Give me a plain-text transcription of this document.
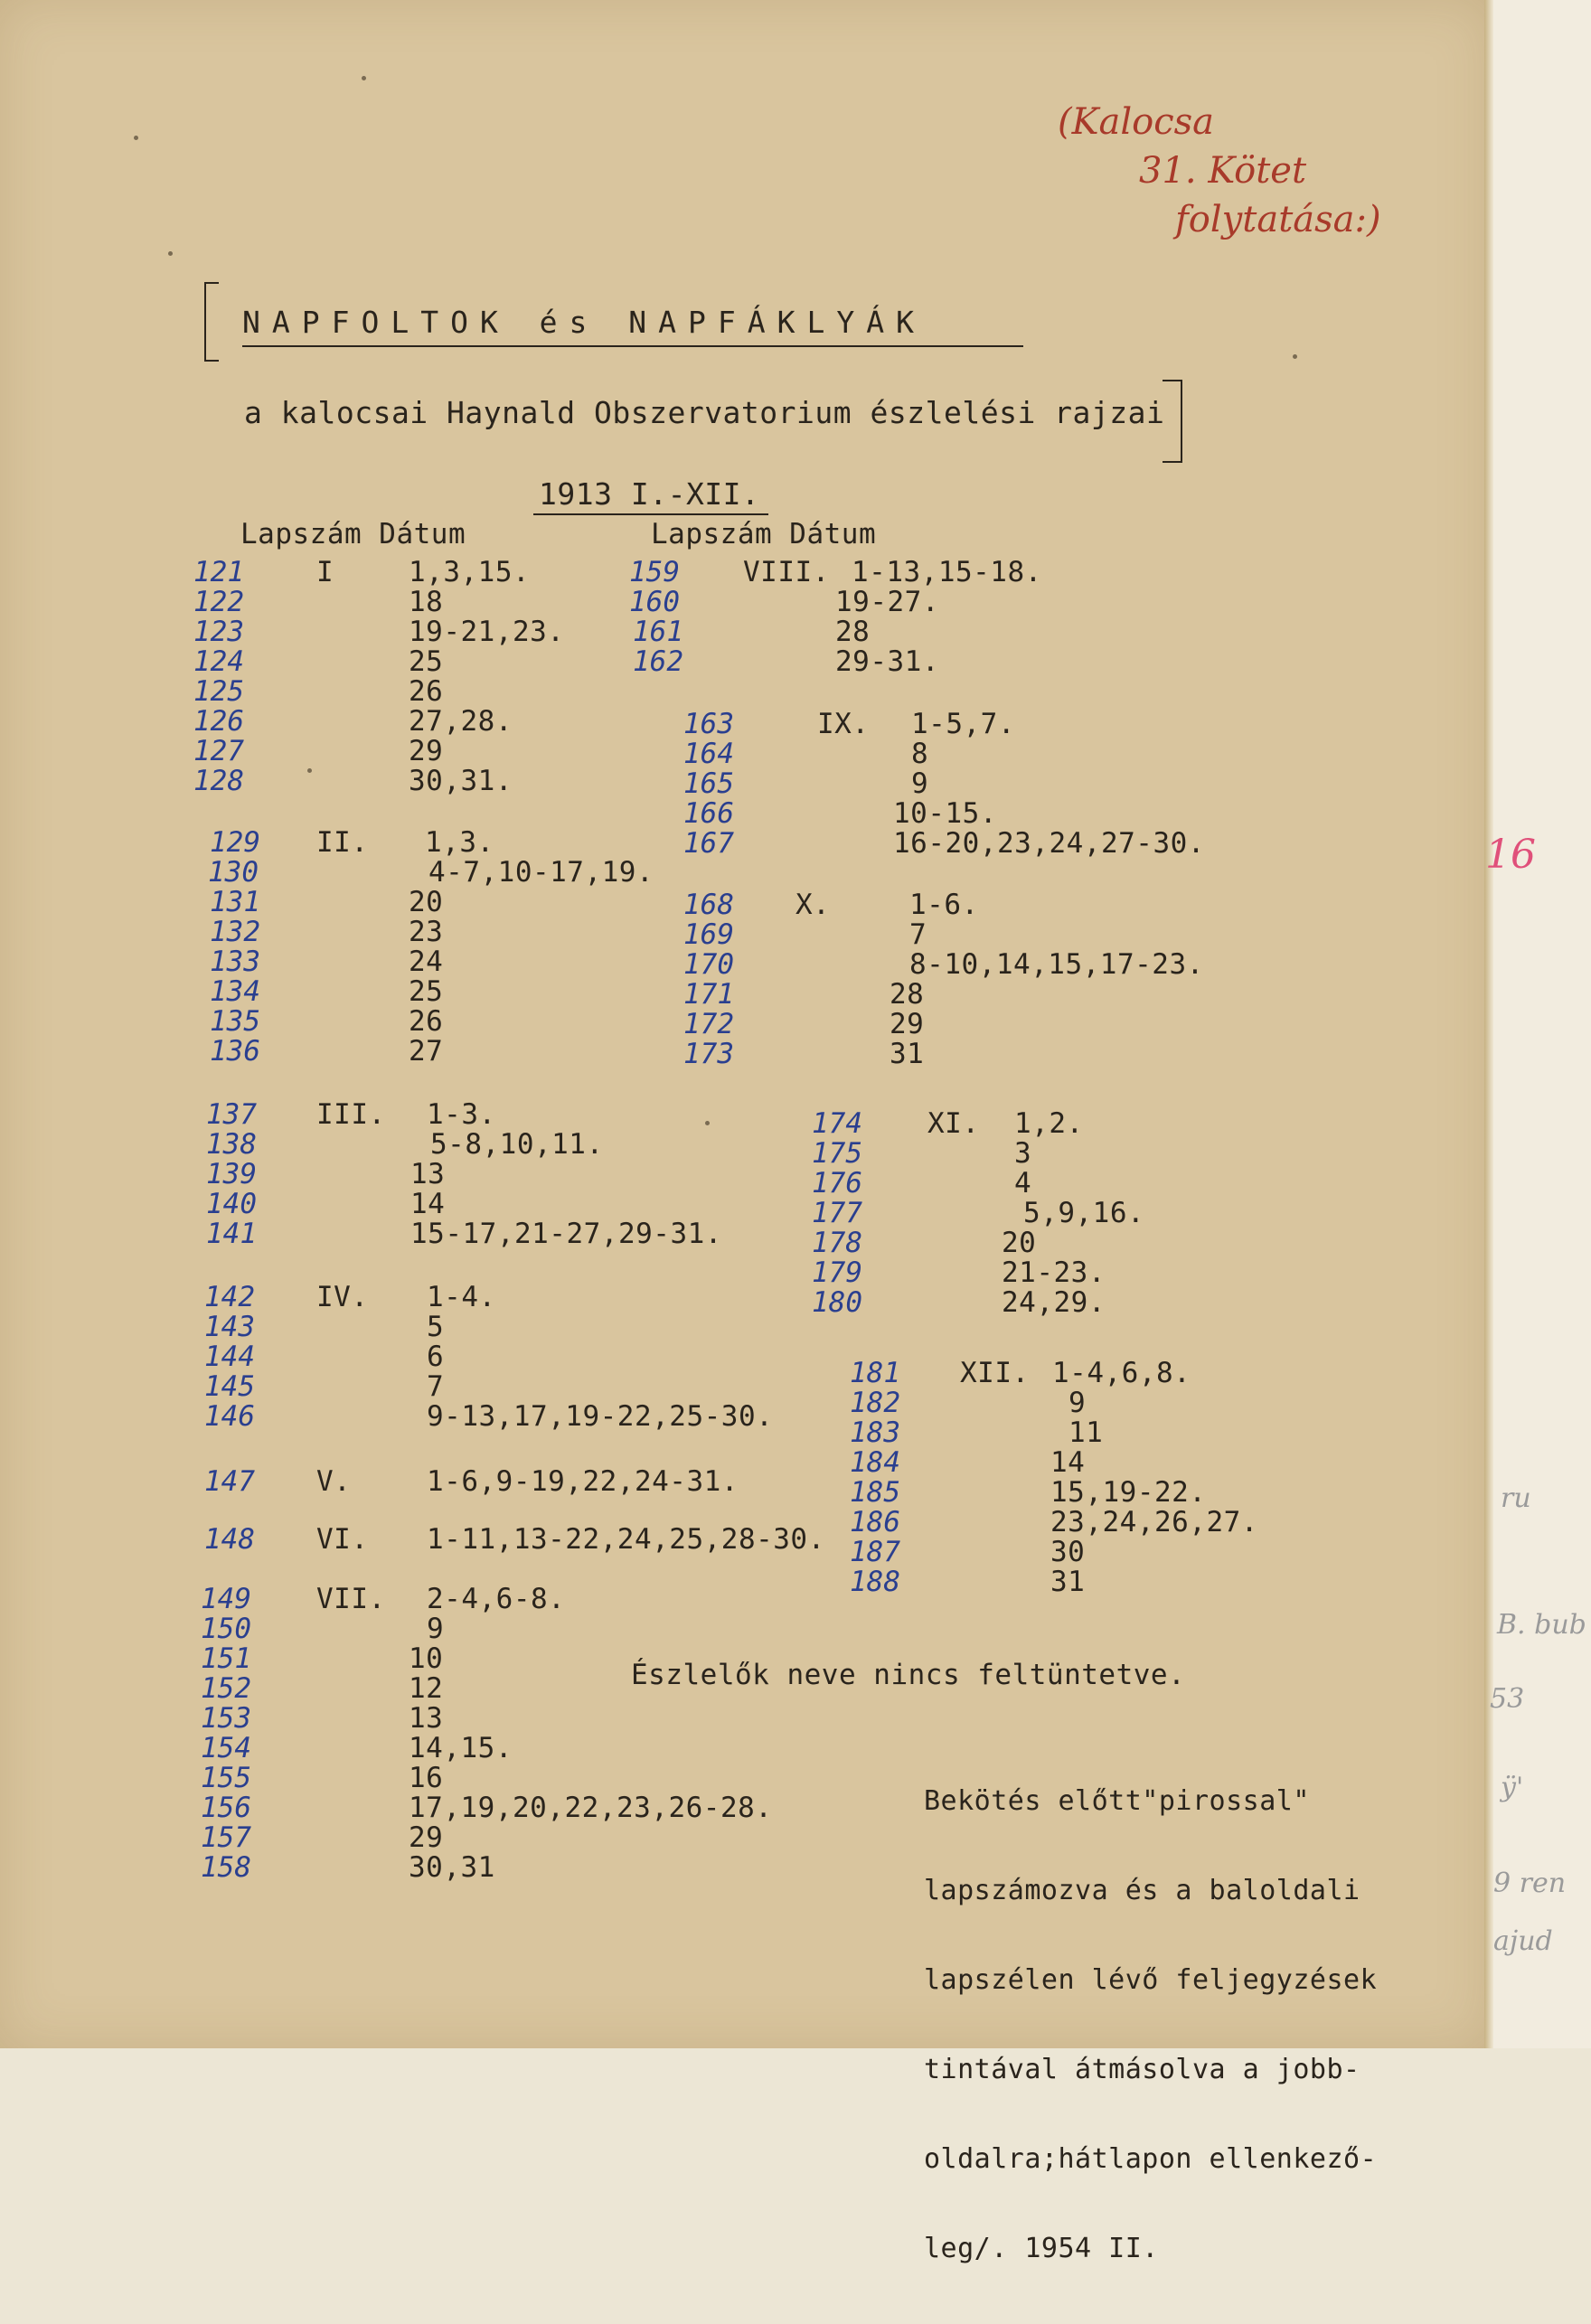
(Kalocsa
31. Kötet
folytatása:)
NAPFOLTOK és NAPFÁKLYÁK
a kalocsai Haynald Obszervatorium észlelési rajzai
1913 I.-XII.
Lapszám Dátum	Lapszám Dátum
121	I	1,3,15.
122	18
123	19-21,23.
124	25
125	26
126	27,28.
127	29
128	30,31.
129 II. 1,3.
130	4-7,10-17,19.
131	20
132	23
133	24
134	25
135	26
136	27
137 III. 1-3.
138	5-8,10,11.
139	13
140	14
141	15-17,21-27,29-31.
142 IV. 1-4.
143	5
144	6
145	7
146	9-13,17,19-22,25-30.
147 V.	1-6,9-19,22,24-31.
148 VI. 1-11,13-22,24,25,28-30.
149 VII. 2-4,6-8.
150	9
151	10
152	12
153	13
154	14,15.
155	16
156	17,19,20,22,23,26-28.
157	29
158	30,31
159 VIII. 1-13,15-18.
160	19-27.
161	28
162	29-31.
163	IX. 1-5,7.
164	8
165	9
166	10-15.
167	16-20,23,24,27-30.
168 X.	1-6.
169	7
170	8-10,14,15,17-23.
171	28
172	29
173	31
174 XI. 1,2.
175	3
176	4
177	5,9,16.
178	20
179	21-23.
180	24,29.
181 XII. 1-4,6,8.
182	9
183	11
184	14
185	15,19-22.
186	23,24,26,27.
187	30
188	31
Észlelők neve nincs feltüntetve.

Bekötés előtt"pirossal"

lapszámozva és a baloldali

lapszélen lévő feljegyzések

tintával átmásolva a jobb-

oldalra;hátlapon ellenkező-

leg/. 1954 II.

16
ru
B. bub
53
ÿ'
9 ren
ajud
